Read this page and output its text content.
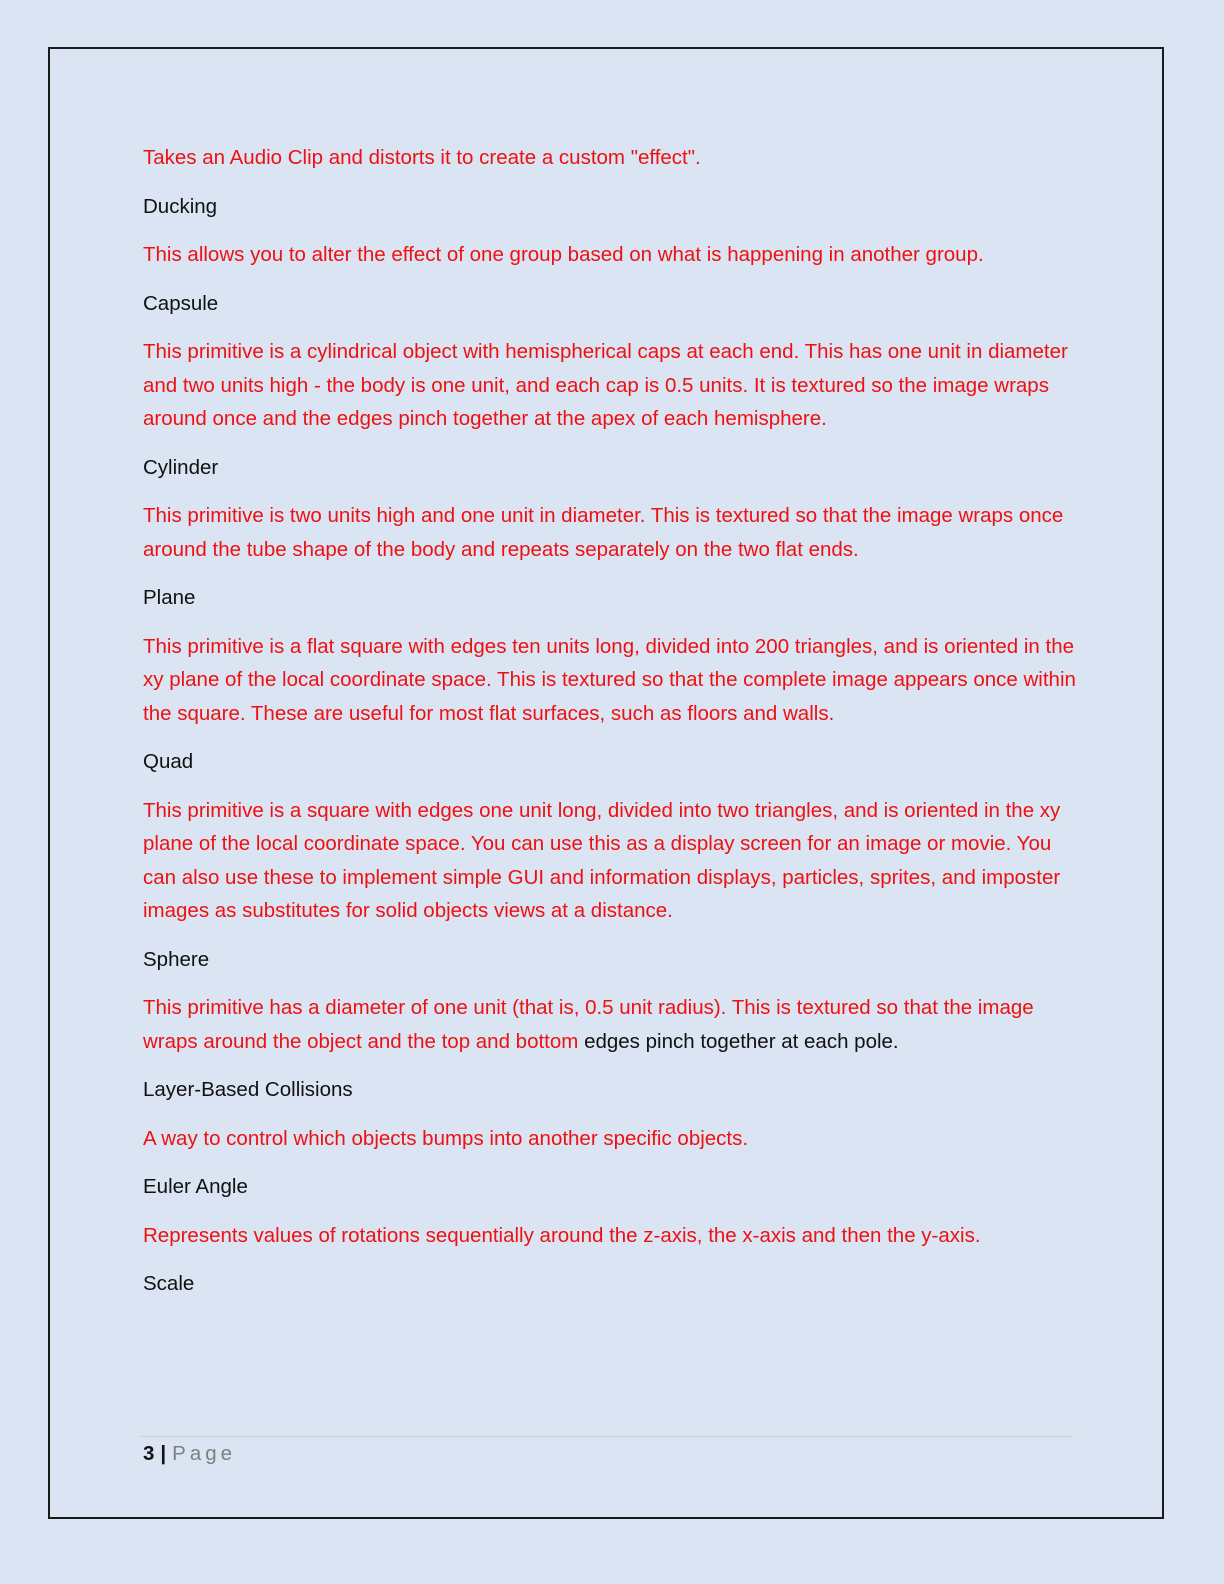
Takes an Audio Clip and distorts it to create a custom "effect".

Ducking

This allows you to alter the effect of one group based on what is happening in another group.

Capsule

This primitive is a cylindrical object with hemispherical caps at each end. This has one unit in diameter and two units high - the body is one unit, and each cap is 0.5 units. It is textured so the image wraps around once and the edges pinch together at the apex of each hemisphere.

Cylinder

This primitive is two units high and one unit in diameter. This is textured so that the image wraps once around the tube shape of the body and repeats separately on the two flat ends.

Plane

This primitive is a flat square with edges ten units long, divided into 200 triangles, and is oriented in the xy plane of the local coordinate space. This is textured so that the complete image appears once within the square. These are useful for most flat surfaces, such as floors and walls.

Quad

This primitive is a square with edges one unit long, divided into two triangles, and is oriented in the xy plane of the local coordinate space. You can use this as a display screen for an image or movie. You can also use these to implement simple GUI and information displays, particles, sprites, and imposter images as substitutes for solid objects views at a distance.

Sphere

This primitive has a diameter of one unit (that is, 0.5 unit radius). This is textured so that the image wraps around the object and the top and bottom edges pinch together at each pole.

Layer-Based Collisions

A way to control which objects bumps into another specific objects.

Euler Angle

Represents values of rotations sequentially around the z-axis, the x-axis and then the y-axis.

Scale

3 | Page
